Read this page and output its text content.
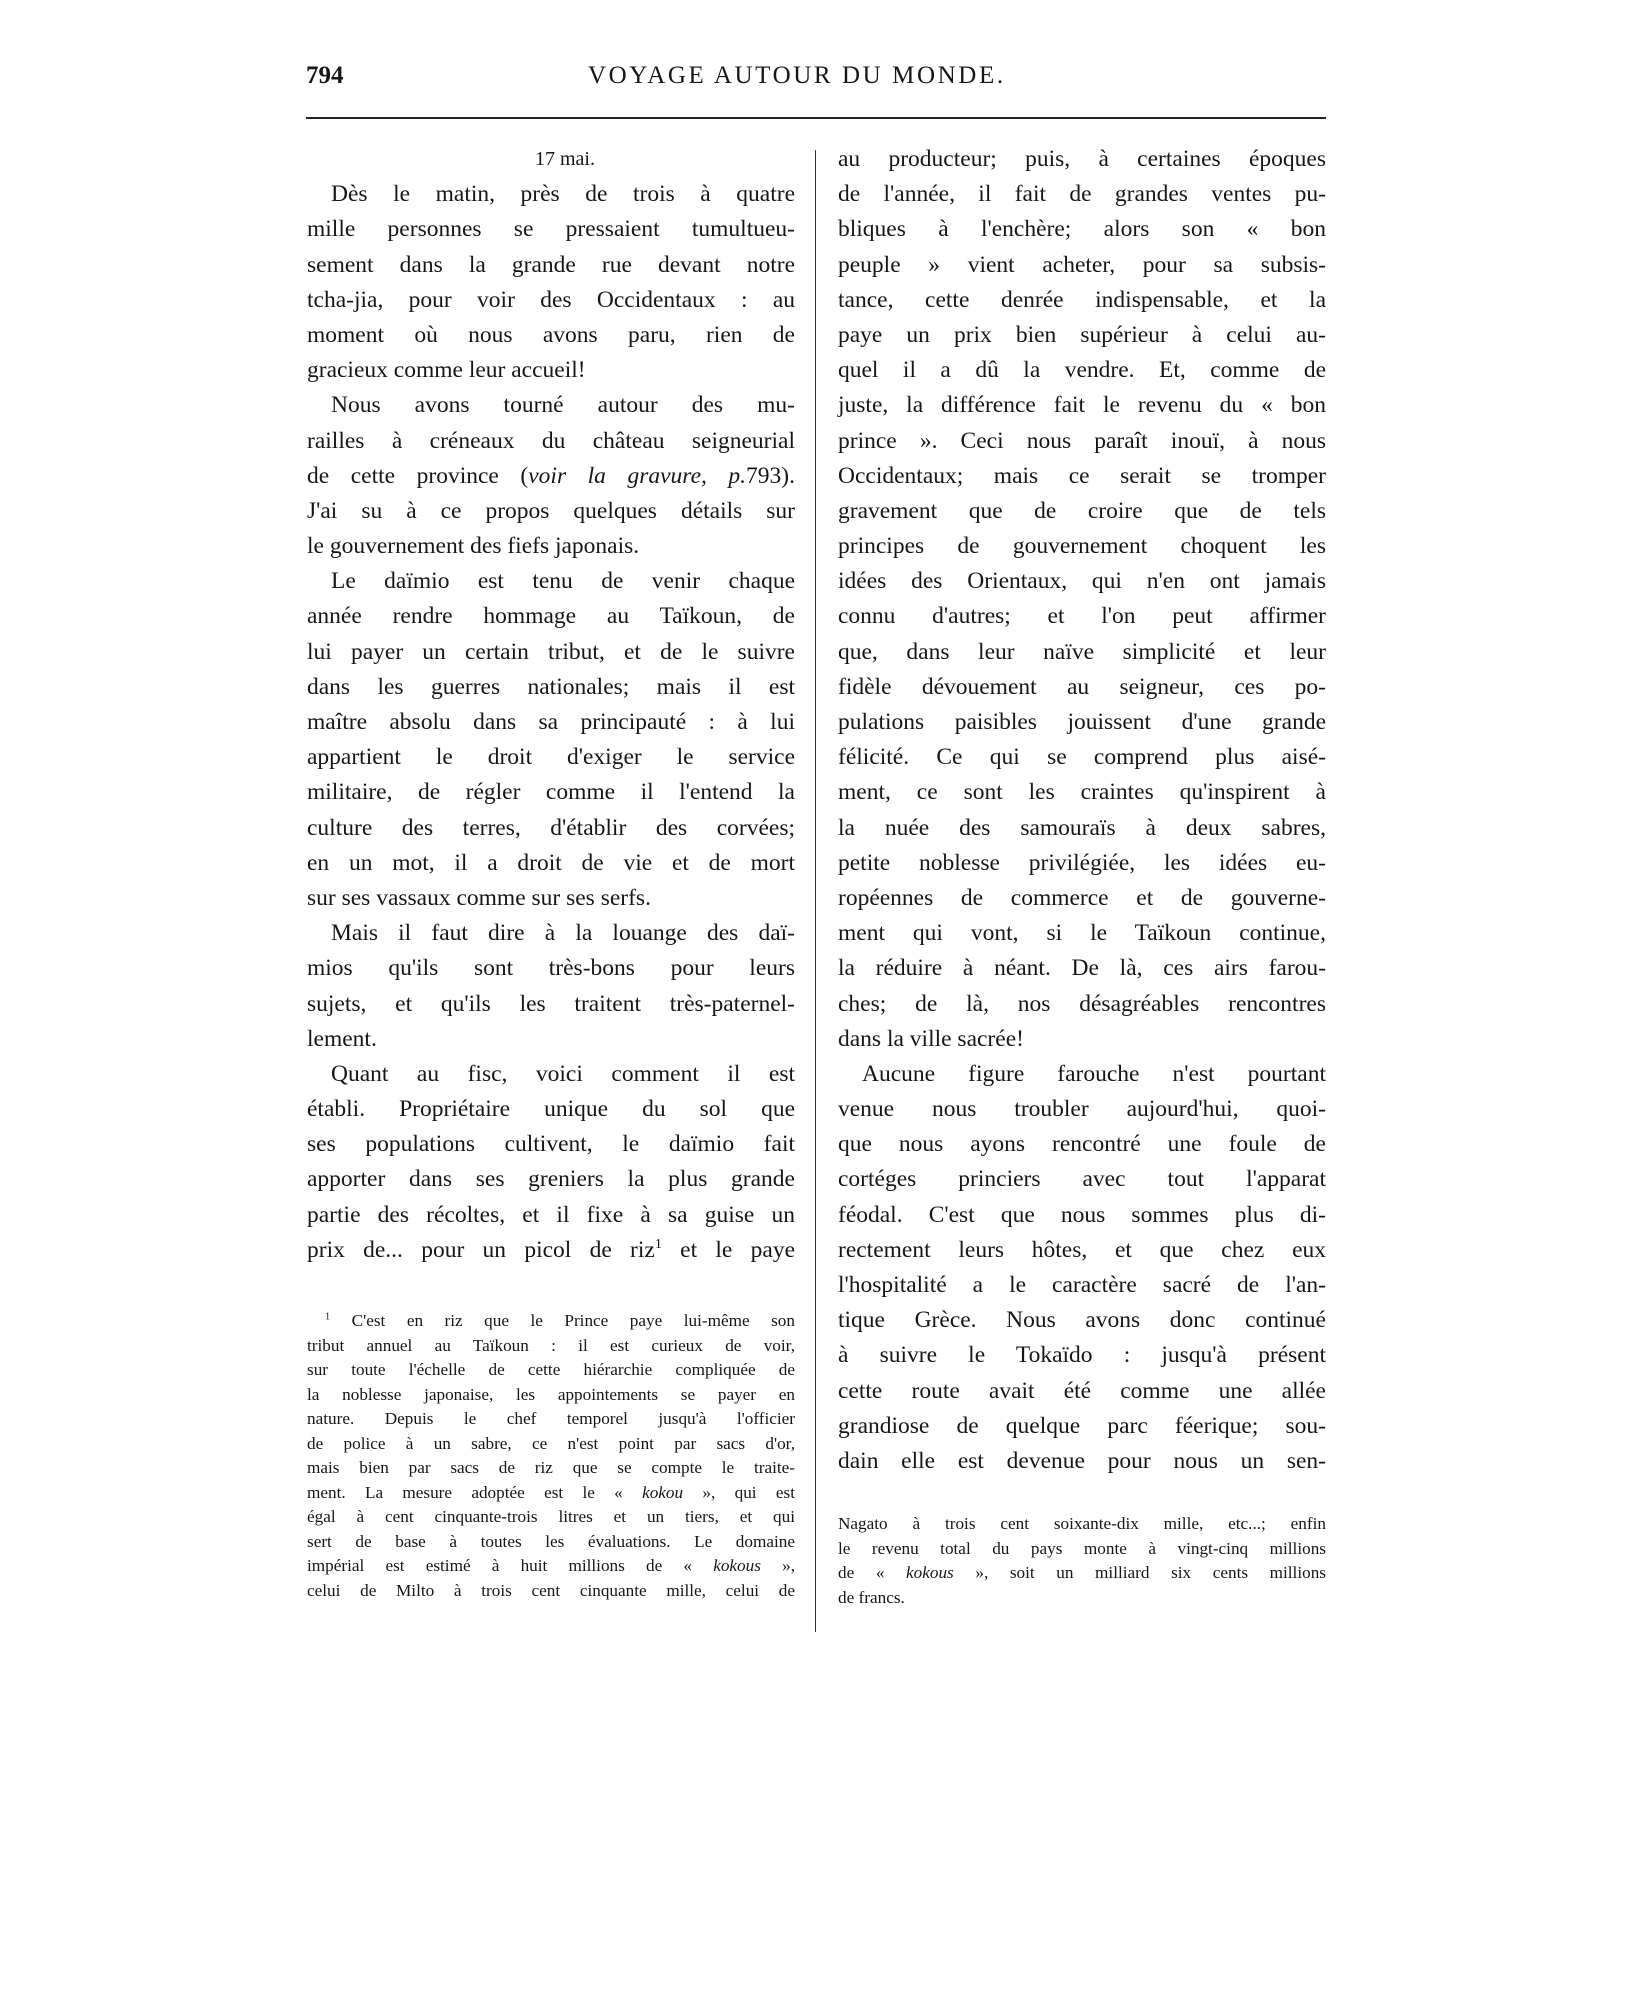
794	VOYAGE AUTOUR DU MONDE.
17 mai.
Dès le matin, près de trois à quatre
mille personnes se pressaient tumultueu-
sement dans la grande rue devant notre
tcha-jia, pour voir des Occidentaux : au
moment où nous avons paru, rien de
gracieux comme leur accueil!
Nous avons tourné autour des mu-
railles à créneaux du château seigneurial
de cette province (voir la gravure, p.793).
J'ai su à ce propos quelques détails sur
le gouvernement des fiefs japonais.
Le daïmio est tenu de venir chaque
année rendre hommage au Taïkoun, de
lui payer un certain tribut, et de le suivre
dans les guerres nationales; mais il est
maître absolu dans sa principauté : à lui
appartient le droit d'exiger le service
militaire, de régler comme il l'entend la
culture des terres, d'établir des corvées;
en un mot, il a droit de vie et de mort
sur ses vassaux comme sur ses serfs.
Mais il faut dire à la louange des daï-
mios qu'ils sont très-bons pour leurs
sujets, et qu'ils les traitent très-paternel-
lement.
Quant au fisc, voici comment il est
établi. Propriétaire unique du sol que
ses populations cultivent, le daïmio fait
apporter dans ses greniers la plus grande
partie des récoltes, et il fixe à sa guise un
prix de... pour un picol de riz$^1$ et le paye
$^1$ C'est en riz que le Prince paye lui-même son
tribut annuel au Taïkoun : il est curieux de voir,
sur toute l'échelle de cette hiérarchie compliquée de
la noblesse japonaise, les appointements se payer en
nature. Depuis le chef temporel jusqu'à l'officier
de police à un sabre, ce n'est point par sacs d'or,
mais bien par sacs de riz que se compte le traite-
ment. La mesure adoptée est le « kokou », qui est
égal à cent cinquante-trois litres et un tiers, et qui
sert de base à toutes les évaluations. Le domaine
impérial est estimé à huit millions de « kokous »,
celui de Milto à trois cent cinquante mille, celui de
au producteur; puis, à certaines époques
de l'année, il fait de grandes ventes pu-
bliques à l'enchère; alors son « bon
peuple » vient acheter, pour sa subsis-
tance, cette denrée indispensable, et la
paye un prix bien supérieur à celui au-
quel il a dû la vendre. Et, comme de
juste, la différence fait le revenu du « bon
prince ». Ceci nous paraît inouï, à nous
Occidentaux; mais ce serait se tromper
gravement que de croire que de tels
principes de gouvernement choquent les
idées des Orientaux, qui n'en ont jamais
connu d'autres; et l'on peut affirmer
que, dans leur naïve simplicité et leur
fidèle dévouement au seigneur, ces po-
pulations paisibles jouissent d'une grande
félicité. Ce qui se comprend plus aisé-
ment, ce sont les craintes qu'inspirent à
la nuée des samouraïs à deux sabres,
petite noblesse privilégiée, les idées eu-
ropéennes de commerce et de gouverne-
ment qui vont, si le Taïkoun continue,
la réduire à néant. De là, ces airs farou-
ches; de là, nos désagréables rencontres
dans la ville sacrée!
Aucune figure farouche n'est pourtant
venue nous troubler aujourd'hui, quoi-
que nous ayons rencontré une foule de
cortéges princiers avec tout l'apparat
féodal. C'est que nous sommes plus di-
rectement leurs hôtes, et que chez eux
l'hospitalité a le caractère sacré de l'an-
tique Grèce. Nous avons donc continué
à suivre le Tokaïdo : jusqu'à présent
cette route avait été comme une allée
grandiose de quelque parc féerique; sou-
dain elle est devenue pour nous un sen-
Nagato à trois cent soixante-dix mille, etc...; enfin
le revenu total du pays monte à vingt-cinq millions
de « kokous », soit un milliard six cents millions
de francs.
